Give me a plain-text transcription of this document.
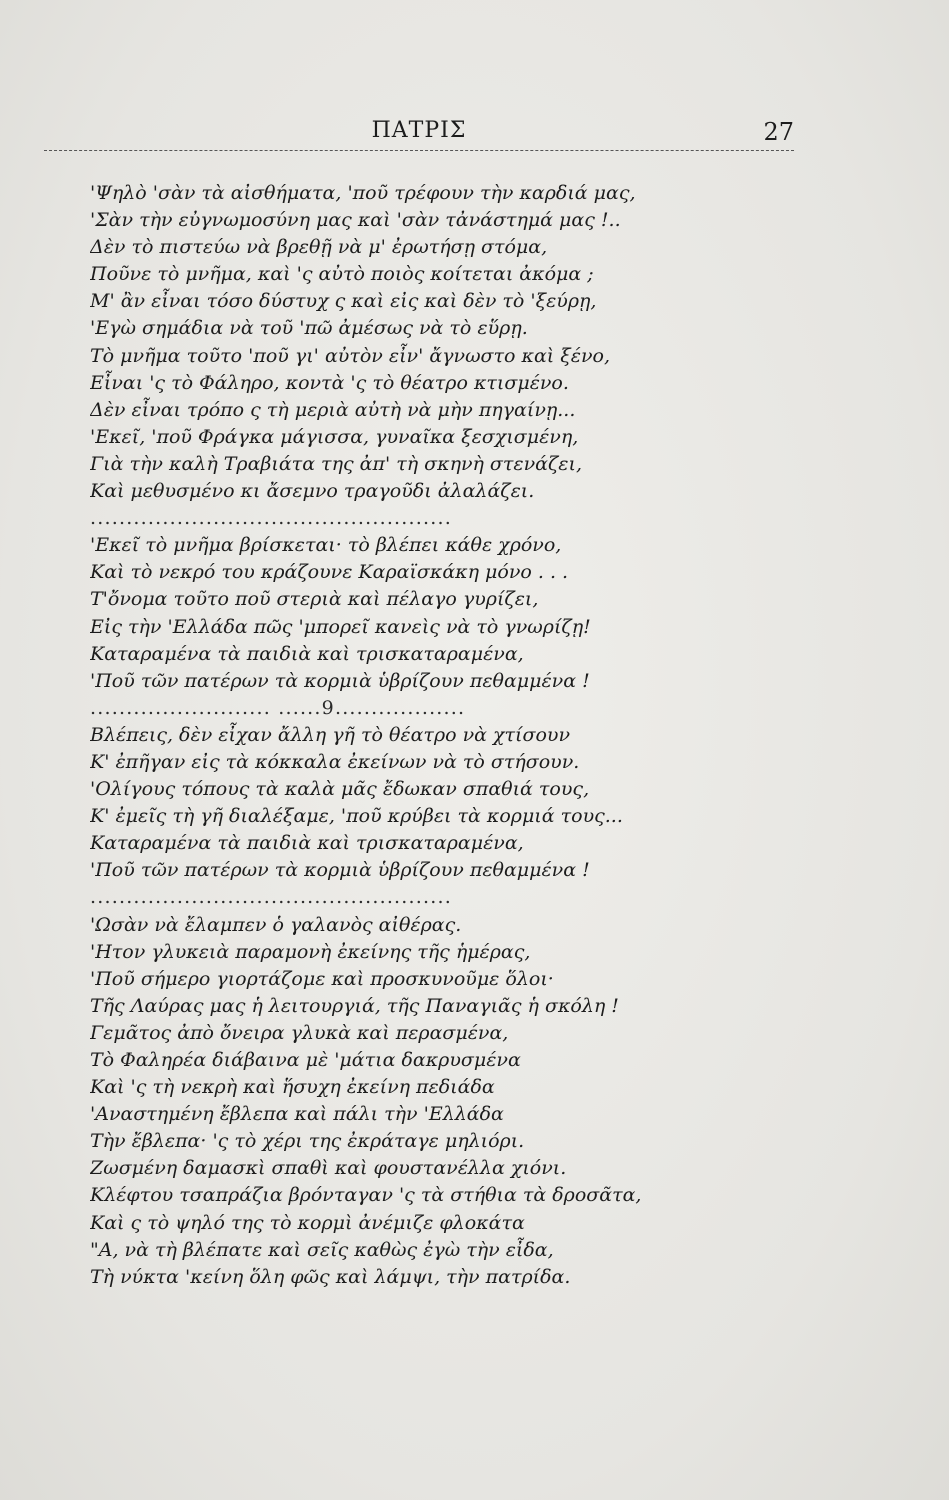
ΠΑΤΡΙΣ	27
'Ψηλὸ 'σὰν τὰ αἰσθήματα, 'ποῦ τρέφουν τὴν καρδιά μας,
'Σὰν τὴν εὐγνωμοσύνη μας καὶ 'σὰν τἀνάστημά μας !..
Δὲν τὸ πιστεύω νὰ βρεθῇ νὰ μ' ἐρωτήσῃ στόμα,
Ποῦνε τὸ μνῆμα, καὶ 'ς αὐτὸ ποιὸς κοίτεται ἀκόμα ;
Μ' ἂν εἶναι τόσο δύστυχ ς καὶ εἰς καὶ δὲν τὸ 'ξεύρῃ,
'Εγὼ σημάδια νὰ τοῦ 'πῶ ἀμέσως νὰ τὸ εὕρῃ.
Τὸ μνῆμα τοῦτο 'ποῦ γι' αὐτὸν εἶν' ἄγνωστο καὶ ξένο,
Εἶναι 'ς τὸ Φάληρο, κοντὰ 'ς τὸ θέατρο κτισμένο.
Δὲν εἶναι τρόπο ς τὴ μεριὰ αὐτὴ νὰ μὴν πηγαίνῃ...
'Εκεῖ, 'ποῦ Φράγκα μάγισσα, γυναῖκα ξεσχισμένη,
Γιὰ τὴν καλὴ Τραβιάτα της ἀπ' τὴ σκηνὴ στενάζει,
Καὶ μεθυσμένο κι ἄσεμνο τραγοῦδι ἀλαλάζει.
..................................................
'Εκεῖ τὸ μνῆμα βρίσκεται· τὸ βλέπει κάθε χρόνο,
Καὶ τὸ νεκρό του κράζουνε Καραϊσκάκη μόνο . . .
Τ'ὄνομα τοῦτο ποῦ στεριὰ καὶ πέλαγο γυρίζει,
Εἰς τὴν 'Ελλάδα πῶς 'μπορεῖ κανεὶς νὰ τὸ γνωρίζῃ!
Καταραμένα τὰ παιδιὰ καὶ τρισκαταραμένα,
'Ποῦ τῶν πατέρων τὰ κορμιὰ ὑβρίζουν πεθαμμένα !
......................... ......9..................
Βλέπεις, δὲν εἶχαν ἄλλη γῆ τὸ θέατρο νὰ χτίσουν
Κ' ἐπῆγαν εἰς τὰ κόκκαλα ἐκείνων νὰ τὸ στήσουν.
'Ολίγους τόπους τὰ καλὰ μᾶς ἔδωκαν σπαθιά τους,
Κ' ἐμεῖς τὴ γῆ διαλέξαμε, 'ποῦ κρύβει τὰ κορμιά τους...
Καταραμένα τὰ παιδιὰ καὶ τρισκαταραμένα,
'Ποῦ τῶν πατέρων τὰ κορμιὰ ὑβρίζουν πεθαμμένα !
..................................................
'Ωσὰν νὰ ἔλαμπεν ὁ γαλανὸς αἰθέρας.
'Ητον γλυκειὰ παραμονὴ ἐκείνης τῆς ἡμέρας,
'Ποῦ σήμερο γιορτάζομε καὶ προσκυνοῦμε ὅλοι·
Τῆς Λαύρας μας ἡ λειτουργιά, τῆς Παναγιᾶς ἡ σκόλη !
Γεμᾶτος ἀπὸ ὄνειρα γλυκὰ καὶ περασμένα,
Τὸ Φαληρέα διάβαινα μὲ 'μάτια δακρυσμένα
Καὶ 'ς τὴ νεκρὴ καὶ ἥσυχη ἐκείνη πεδιάδα
'Αναστημένη ἔβλεπα καὶ πάλι τὴν 'Ελλάδα
Τὴν ἔβλεπα· 'ς τὸ χέρι της ἐκράταγε μηλιόρι.
Ζωσμένη δαμασκὶ σπαθὶ καὶ φουστανέλλα χιόνι.
Κλέφτου τσαπράζια βρόνταγαν 'ς τὰ στήθια τὰ δροσᾶτα,
Καὶ ς τὸ ψηλό της τὸ κορμὶ ἀνέμιζε φλοκάτα
"Α, νὰ τὴ βλέπατε καὶ σεῖς καθὼς ἐγὼ τὴν εἶδα,
Τὴ νύκτα 'κείνη ὅλη φῶς καὶ λάμψι, τὴν πατρίδα.
